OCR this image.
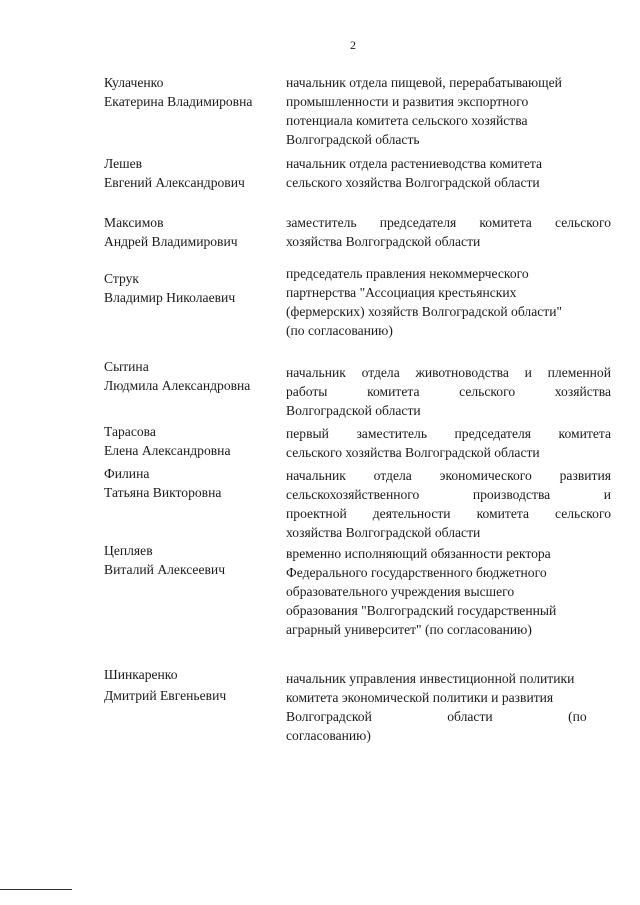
2
Кулаченко
Екатерина Владимировна
начальник отдела пищевой, перерабатывающей
промышленности и развития экспортного
потенциала комитета сельского хозяйства
Волгоградской область
Лешев
Евгений Александрович
начальник отдела растениеводства комитета
сельского хозяйства Волгоградской области
Максимов
Андрей Владимирович
заместитель председателя комитета сельского
хозяйства Волгоградской области
Струк
Владимир Николаевич
председатель правления некоммерческого
партнерства "Ассоциация крестьянских
(фермерских) хозяйств Волгоградской области"
(по согласованию)
Сытина
Людмила Александровна
начальник отдела животноводства и племенной
работы комитета сельского хозяйства
Волгоградской области
Тарасова
Елена Александровна
первый заместитель председателя комитета
сельского хозяйства Волгоградской области
Филина
Татьяна Викторовна
начальник отдела экономического развития
сельскохозяйственного производства и
проектной деятельности комитета сельского
хозяйства Волгоградской области
Цепляев
Виталий Алексеевич
временно исполняющий обязанности ректора
Федерального государственного бюджетного
образовательного учреждения высшего
образования "Волгоградский государственный
аграрный университет" (по согласованию)
Шинкаренко
Дмитрий Евгеньевич
начальник управления инвестиционной политики
комитета экономической политики и развития
Волгоградской области (по
согласованию)
